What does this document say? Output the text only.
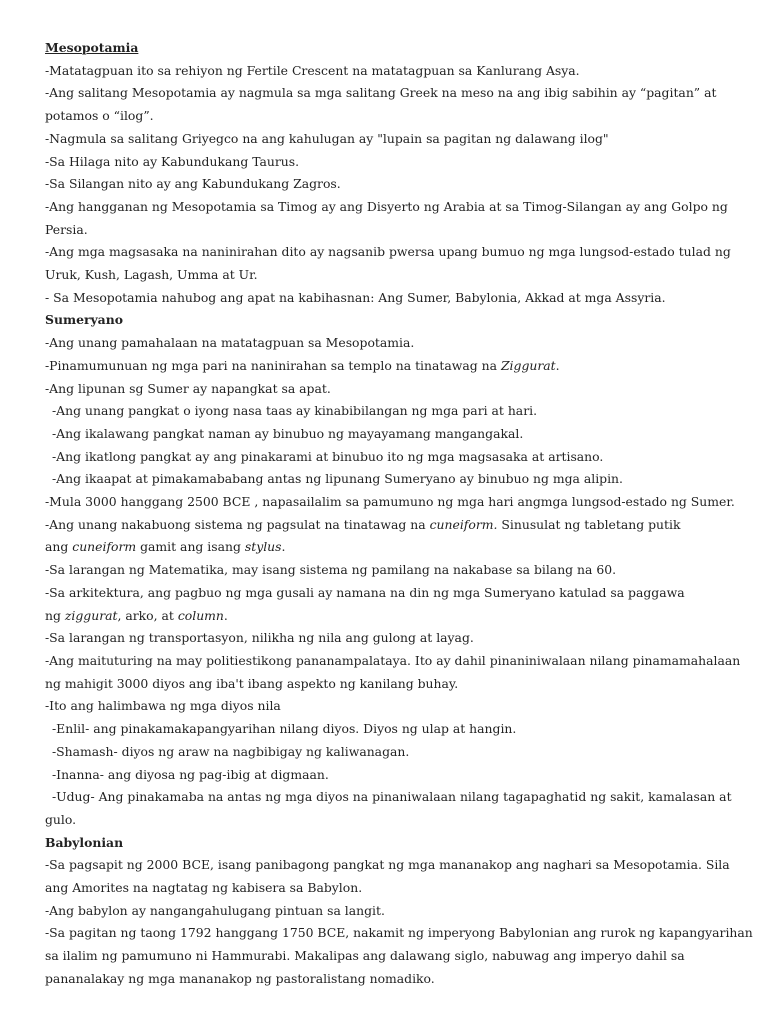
Mesopotamia
-Matatagpuan ito sa rehiyon ng Fertile Crescent na matatagpuan sa Kanlurang Asya.
-Ang salitang Mesopotamia ay nagmula sa mga salitang Greek na meso na ang ibig sabihin ay “pagitan” at
potamos o “ilog”.
-Nagmula sa salitang Griyegco na ang kahulugan ay "lupain sa pagitan ng dalawang ilog"
-Sa Hilaga nito ay Kabundukang Taurus.
-Sa Silangan nito ay ang Kabundukang Zagros.
-Ang hangganan ng Mesopotamia sa Timog ay ang Disyerto ng Arabia at sa Timog-Silangan ay ang Golpo ng
Persia.
-Ang mga magsasaka na naninirahan dito ay nagsanib pwersa upang bumuo ng mga lungsod-estado tulad ng
Uruk, Kush, Lagash, Umma at Ur.
- Sa Mesopotamia nahubog ang apat na kabihasnan: Ang Sumer, Babylonia, Akkad at mga Assyria.
Sumeryano
-Ang unang pamahalaan na matatagpuan sa Mesopotamia.
-Pinamumunuan ng mga pari na naninirahan sa templo na tinatawag na Ziggurat.
-Ang lipunan sg Sumer ay napangkat sa apat.
-Ang unang pangkat o iyong nasa taas ay kinabibilangan ng mga pari at hari.
-Ang ikalawang pangkat naman ay binubuo ng mayayamang mangangakal.
-Ang ikatlong pangkat ay ang pinakarami at binubuo ito ng mga magsasaka at artisano.
-Ang ikaapat at pimakamababang antas ng lipunang Sumeryano ay binubuo ng mga alipin.
-Mula 3000 hanggang 2500 BCE , napasailalim sa pamumuno ng mga hari angmga lungsod-estado ng Sumer.
-Ang unang nakabuong sistema ng pagsulat na tinatawag na cuneiform. Sinusulat ng tabletang putik
ang cuneiform gamit ang isang stylus.
-Sa larangan ng Matematika, may isang sistema ng pamilang na nakabase sa bilang na 60.
-Sa arkitektura, ang pagbuo ng mga gusali ay namana na din ng mga Sumeryano katulad sa paggawa
ng ziggurat, arko, at column.
-Sa larangan ng transportasyon, nilikha ng nila ang gulong at layag.
-Ang maituturing na may politiestikong pananampalataya. Ito ay dahil pinaniniwalaan nilang pinamamahalaan
ng mahigit 3000 diyos ang iba't ibang aspekto ng kanilang buhay.
-Ito ang halimbawa ng mga diyos nila
-Enlil- ang pinakamakapangyarihan nilang diyos. Diyos ng ulap at hangin.
-Shamash- diyos ng araw na nagbibigay ng kaliwanagan.
-Inanna- ang diyosa ng pag-ibig at digmaan.
-Udug- Ang pinakamaba na antas ng mga diyos na pinaniwalaan nilang tagapaghatid ng sakit, kamalasan at
gulo.
Babylonian
-Sa pagsapit ng 2000 BCE, isang panibagong pangkat ng mga mananakop ang naghari sa Mesopotamia. Sila
ang Amorites na nagtatag ng kabisera sa Babylon.
-Ang babylon ay nangangahulugang pintuan sa langit.
-Sa pagitan ng taong 1792 hanggang 1750 BCE, nakamit ng imperyong Babylonian ang rurok ng kapangyarihan
sa ilalim ng pamumuno ni Hammurabi. Makalipas ang dalawang siglo, nabuwag ang imperyo dahil sa
pananalakay ng mga mananakop ng pastoralistang nomadiko.
